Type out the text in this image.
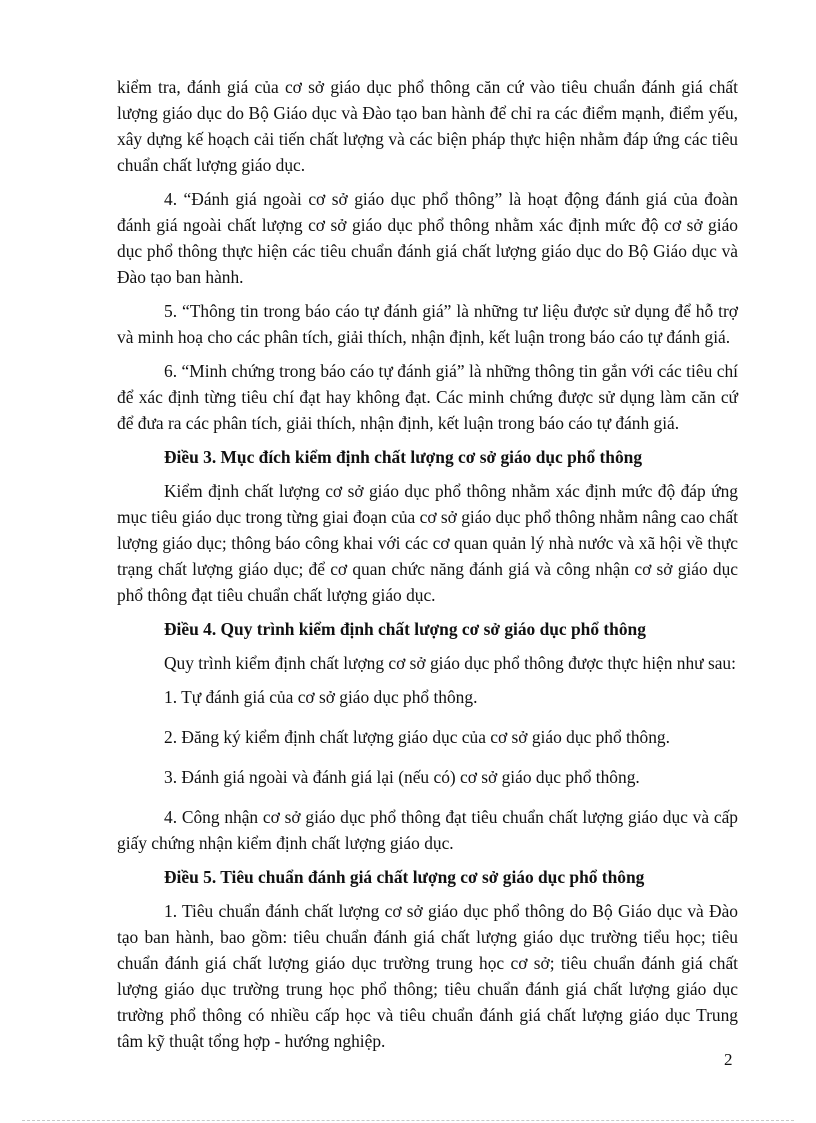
kiểm tra, đánh giá của cơ sở giáo dục phổ thông căn cứ vào tiêu chuẩn đánh giá chất lượng giáo dục do Bộ Giáo dục và Đào tạo ban hành để chỉ ra các điểm mạnh, điểm yếu, xây dựng kế hoạch cải tiến chất lượng và các biện pháp thực hiện nhằm đáp ứng các tiêu chuẩn chất lượng giáo dục.

4. “Đánh giá ngoài cơ sở giáo dục phổ thông” là hoạt động đánh giá của đoàn đánh giá ngoài chất lượng cơ sở giáo dục phổ thông nhằm xác định mức độ cơ sở giáo dục phổ thông thực hiện các tiêu chuẩn đánh giá chất lượng giáo dục do Bộ Giáo dục và Đào tạo ban hành.

5. “Thông tin trong báo cáo tự đánh giá” là những tư liệu được sử dụng để hỗ trợ và minh hoạ cho các phân tích, giải thích, nhận định, kết luận trong báo cáo tự đánh giá.

6. “Minh chứng trong báo cáo tự đánh giá” là những thông tin gắn với các tiêu chí để xác định từng tiêu chí đạt hay không đạt. Các minh chứng được sử dụng làm căn cứ để đưa ra các phân tích, giải thích, nhận định, kết luận trong báo cáo tự đánh giá.

Điều 3. Mục đích kiểm định chất lượng cơ sở giáo dục phổ thông

Kiểm định chất lượng cơ sở giáo dục phổ thông nhằm xác định mức độ đáp ứng mục tiêu giáo dục trong từng giai đoạn của cơ sở giáo dục phổ thông nhằm nâng cao chất lượng giáo dục; thông báo công khai với các cơ quan quản lý nhà nước và xã hội về thực trạng chất lượng giáo dục; để cơ quan chức năng đánh giá và công nhận cơ sở giáo dục phổ thông đạt tiêu chuẩn chất lượng giáo dục.

Điều 4. Quy trình kiểm định chất lượng cơ sở giáo dục phổ thông

Quy trình kiểm định chất lượng cơ sở giáo dục phổ thông được thực hiện như sau:

1. Tự đánh giá của cơ sở giáo dục phổ thông.

2. Đăng ký kiểm định chất lượng giáo dục của cơ sở giáo dục phổ thông.

3. Đánh giá ngoài và đánh giá lại (nếu có) cơ sở giáo dục phổ thông.

4. Công nhận cơ sở giáo dục phổ thông đạt tiêu chuẩn chất lượng giáo dục và cấp giấy chứng nhận kiểm định chất lượng giáo dục.

Điều 5. Tiêu chuẩn đánh giá chất lượng cơ sở giáo dục phổ thông

1. Tiêu chuẩn đánh chất lượng cơ sở giáo dục phổ thông do Bộ Giáo dục và Đào tạo ban hành, bao gồm: tiêu chuẩn đánh giá chất lượng giáo dục trường tiểu học; tiêu chuẩn đánh giá chất lượng giáo dục trường trung học cơ sở; tiêu chuẩn đánh giá chất lượng giáo dục trường trung học phổ thông; tiêu chuẩn đánh giá chất lượng giáo dục trường phổ thông có nhiều cấp học và tiêu chuẩn đánh giá chất lượng giáo dục Trung tâm kỹ thuật tổng hợp - hướng nghiệp.

2
